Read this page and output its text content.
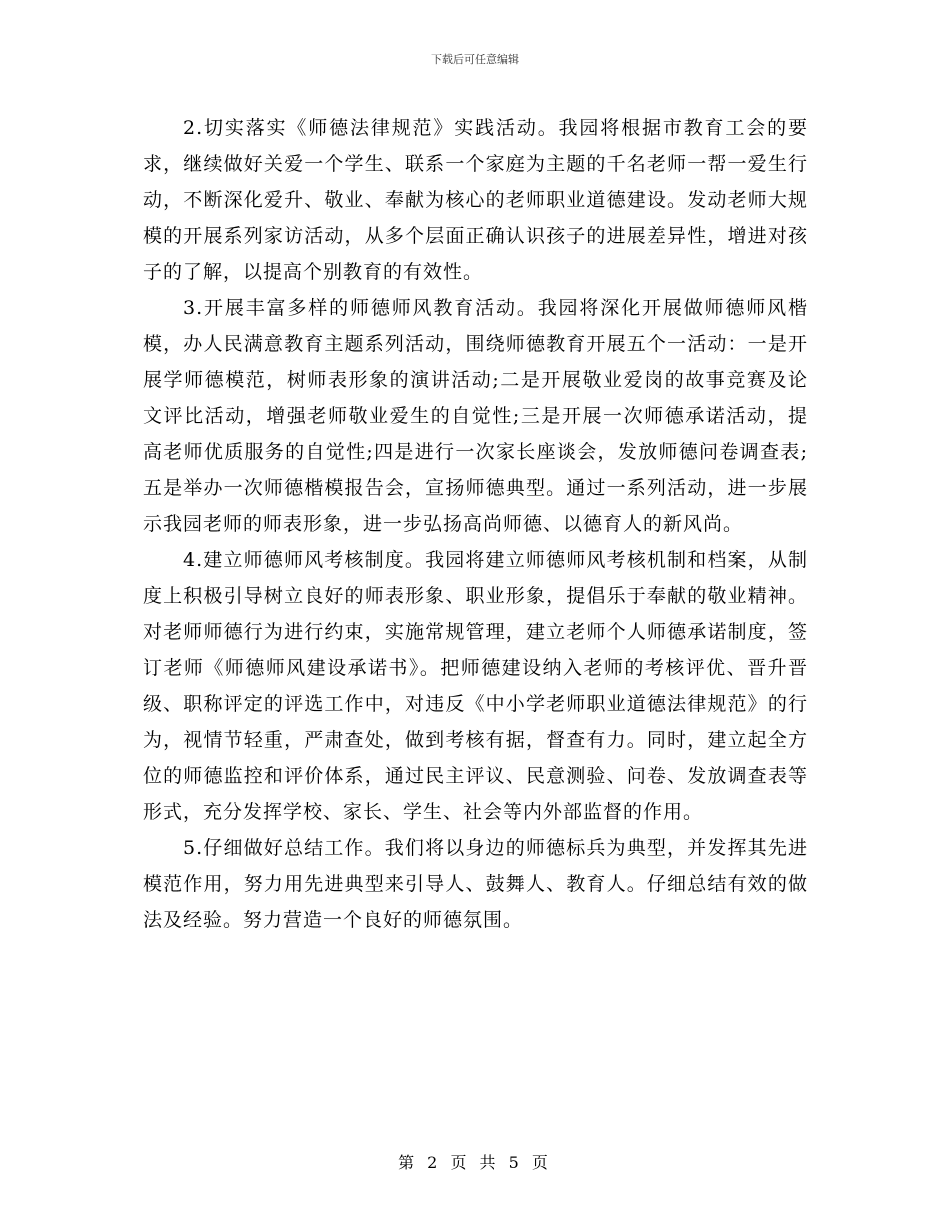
下载后可任意编辑

2.切实落实《师德法律规范》实践活动。我园将根据市教育工会的要求，继续做好关爱一个学生、联系一个家庭为主题的千名老师一帮一爱生行动，不断深化爱升、敬业、奉献为核心的老师职业道德建设。发动老师大规模的开展系列家访活动，从多个层面正确认识孩子的进展差异性，增进对孩子的了解，以提高个别教育的有效性。

3.开展丰富多样的师德师风教育活动。我园将深化开展做师德师风楷模，办人民满意教育主题系列活动，围绕师德教育开展五个一活动：一是开展学师德模范，树师表形象的演讲活动;二是开展敬业爱岗的故事竞赛及论文评比活动，增强老师敬业爱生的自觉性;三是开展一次师德承诺活动，提高老师优质服务的自觉性;四是进行一次家长座谈会，发放师德问卷调查表;五是举办一次师德楷模报告会，宣扬师德典型。通过一系列活动，进一步展示我园老师的师表形象，进一步弘扬高尚师德、以德育人的新风尚。

4.建立师德师风考核制度。我园将建立师德师风考核机制和档案，从制度上积极引导树立良好的师表形象、职业形象，提倡乐于奉献的敬业精神。对老师师德行为进行约束，实施常规管理，建立老师个人师德承诺制度，签订老师《师德师风建设承诺书》。把师德建设纳入老师的考核评优、晋升晋级、职称评定的评选工作中，对违反《中小学老师职业道德法律规范》的行为，视情节轻重，严肃查处，做到考核有据，督查有力。同时，建立起全方位的师德监控和评价体系，通过民主评议、民意测验、问卷、发放调查表等形式，充分发挥学校、家长、学生、社会等内外部监督的作用。

5.仔细做好总结工作。我们将以身边的师德标兵为典型，并发挥其先进模范作用，努力用先进典型来引导人、鼓舞人、教育人。仔细总结有效的做法及经验。努力营造一个良好的师德氛围。

第 2 页 共 5 页
